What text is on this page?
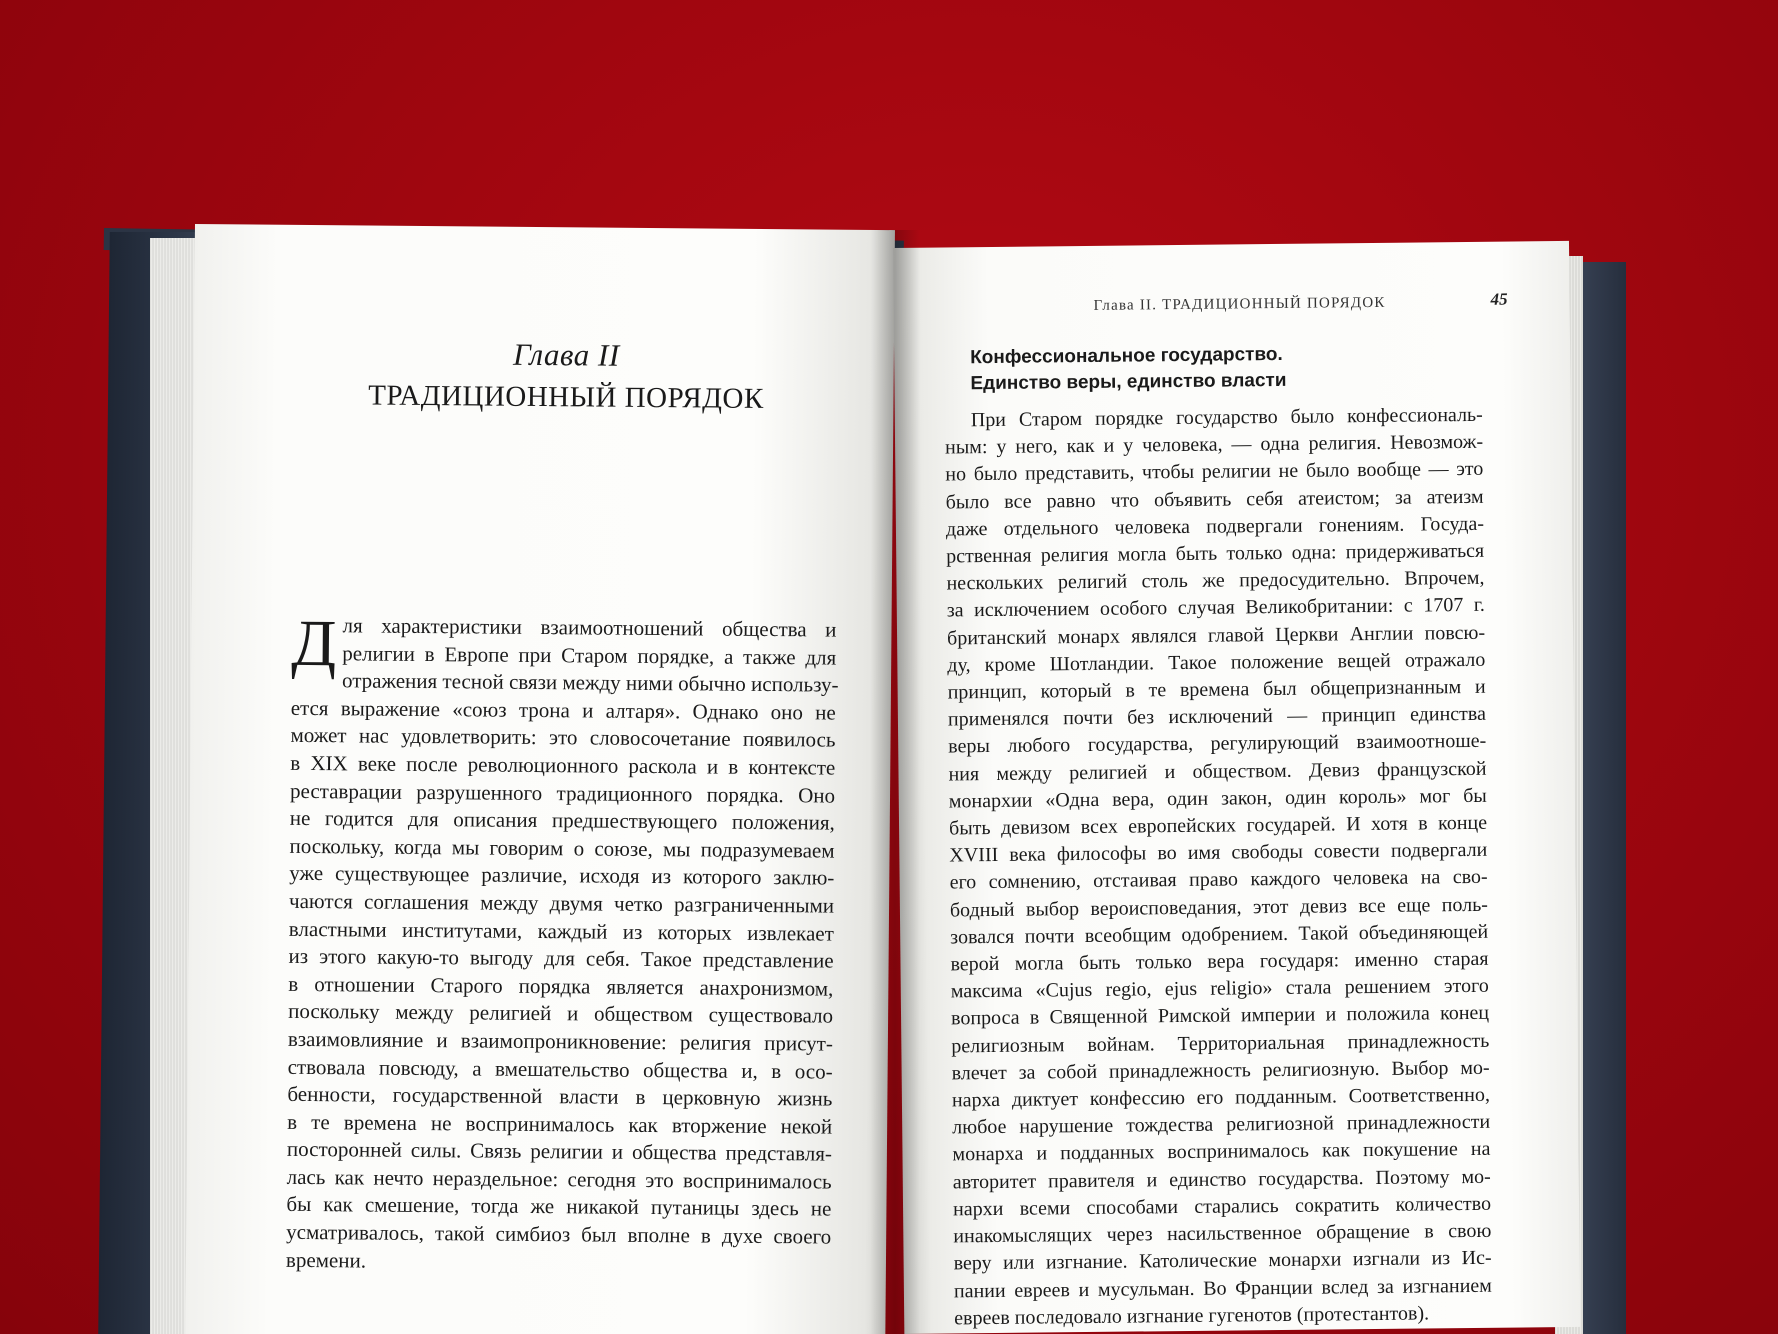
Глава II
ТРАДИЦИОННЫЙ ПОРЯДОК
Д ля характеристики взаимоотношений общества и
религии в Европе при Старом порядке, а также для
отражения тесной связи между ними обычно использу-
ется выражение «союз трона и алтаря». Однако оно не
может нас удовлетворить: это словосочетание появилось
в XIX веке после революционного раскола и в контексте
реставрации разрушенного традиционного порядка. Оно
не годится для описания предшествующего положения,
поскольку, когда мы говорим о союзе, мы подразумеваем
уже существующее различие, исходя из которого заклю-
чаются соглашения между двумя четко разграниченными
властными институтами, каждый из которых извлекает
из этого какую-то выгоду для себя. Такое представление
в отношении Старого порядка является анахронизмом,
поскольку между религией и обществом существовало
взаимовлияние и взаимопроникновение: религия присут-
ствовала повсюду, а вмешательство общества и, в осо-
бенности, государственной власти в церковную жизнь
в те времена не воспринималось как вторжение некой
посторонней силы. Связь религии и общества представля-
лась как нечто нераздельное: сегодня это воспринималось
бы как смешение, тогда же никакой путаницы здесь не
усматривалось, такой симбиоз был вполне в духе своего
времени.
Глава II. ТРАДИЦИОННЫЙ ПОРЯДОК	45
Конфессиональное государство.
Единство веры, единство власти
При Старом порядке государство было конфессиональ-
ным: у него, как и у человека, — одна религия. Невозмож-
но было представить, чтобы религии не было вообще — это
было все равно что объявить себя атеистом; за атеизм
даже отдельного человека подвергали гонениям. Госуда-
рственная религия могла быть только одна: придерживаться
нескольких религий столь же предосудительно. Впрочем,
за исключением особого случая Великобритании: с 1707 г.
британский монарх являлся главой Церкви Англии повсю-
ду, кроме Шотландии. Такое положение вещей отражало
принцип, который в те времена был общепризнанным и
применялся почти без исключений — принцип единства
веры любого государства, регулирующий взаимоотноше-
ния между религией и обществом. Девиз французской
монархии «Одна вера, один закон, один король» мог бы
быть девизом всех европейских государей. И хотя в конце
XVIII века философы во имя свободы совести подвергали
его сомнению, отстаивая право каждого человека на сво-
бодный выбор вероисповедания, этот девиз все еще поль-
зовался почти всеобщим одобрением. Такой объединяющей
верой могла быть только вера государя: именно старая
максима «Cujus regio, ejus religio» стала решением этого
вопроса в Священной Римской империи и положила конец
религиозным войнам. Территориальная принадлежность
влечет за собой принадлежность религиозную. Выбор мо-
нарха диктует конфессию его подданным. Соответственно,
любое нарушение тождества религиозной принадлежности
монарха и подданных воспринималось как покушение на
авторитет правителя и единство государства. Поэтому мо-
нархи всеми способами старались сократить количество
инакомыслящих через насильственное обращение в свою
веру или изгнание. Католические монархи изгнали из Ис-
пании евреев и мусульман. Во Франции вслед за изгнанием
евреев последовало изгнание гугенотов (протестантов).
